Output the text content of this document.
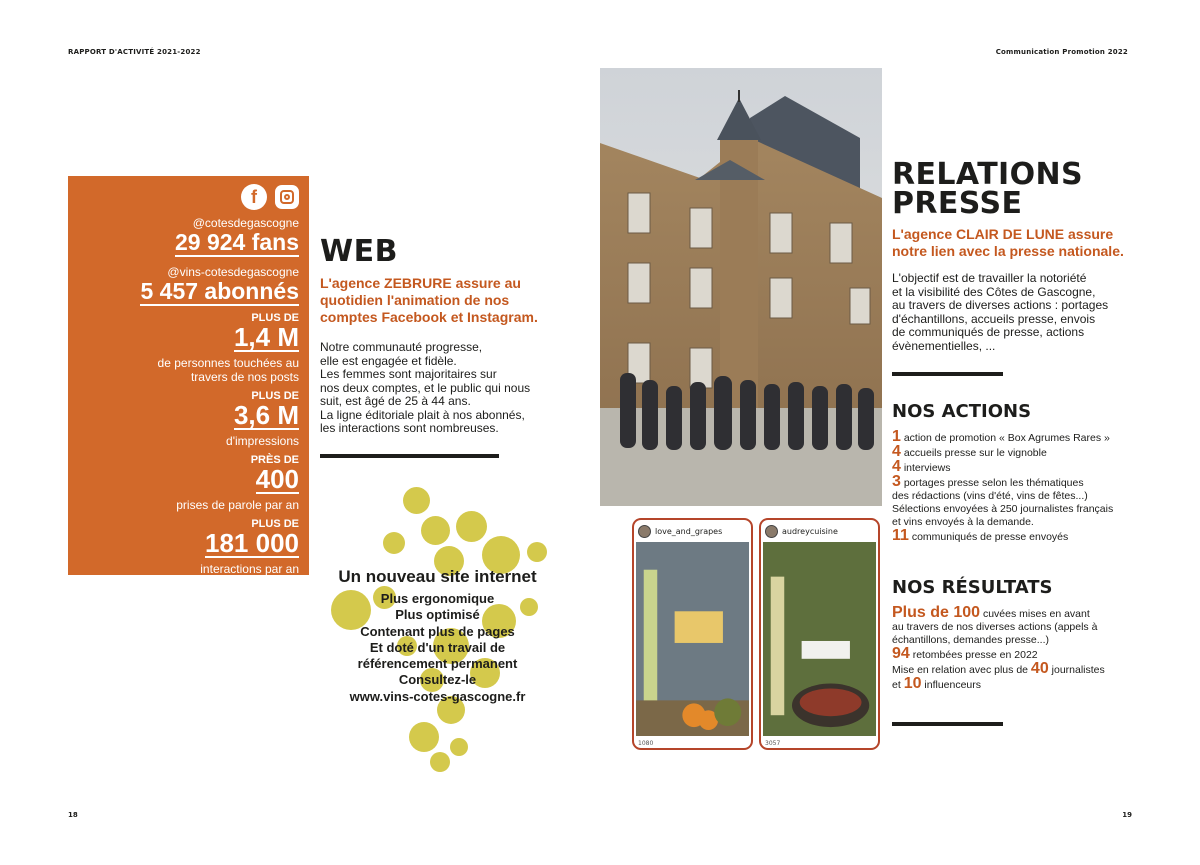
RAPPORT D'ACTIVITÉ 2021-2022	Communication Promotion 2022
f
@cotesdegascogne
29 924 fans
@vins-cotesdegascogne
5 457 abonnés
PLUS DE
1,4 M
de personnes touchées au travers de nos posts
PLUS DE
3,6 M
d'impressions
PRÈS DE
400
prises de parole par an
PLUS DE
181 000
interactions par an
WEB
L'agence ZEBRURE assure au quotidien l'animation de nos comptes Facebook et Instagram.
Notre communauté progresse,
elle est engagée et fidèle.
Les femmes sont majoritaires sur
nos deux comptes, et le public qui nous
suit, est âgé de 25 à 44 ans.
La ligne éditoriale plait à nos abonnés,
les interactions sont nombreuses.
Un nouveau site internet
Plus ergonomique
Plus optimisé
Contenant plus de pages
Et doté d'un travail de
référencement permanent
Consultez-le
www.vins-cotes-gascogne.fr
love_and_grapes
1080
audreycuisine
3057
RELATIONS
PRESSE
L'agence CLAIR DE LUNE assure notre lien avec la presse nationale.
L'objectif est de travailler la notoriété
et la visibilité des Côtes de Gascogne,
au travers de diverses actions : portages
d'échantillons, accueils presse, envois
de communiqués de presse, actions
évènementielles, ...
NOS ACTIONS
1 action de promotion « Box Agrumes Rares »
4 accueils presse sur le vignoble
4 interviews
3 portages presse selon les thématiques
des rédactions (vins d'été, vins de fêtes...)
Sélections envoyées à 250 journalistes français
et vins envoyés à la demande.
11 communiqués de presse envoyés
NOS RÉSULTATS
Plus de 100 cuvées mises en avant
au travers de nos diverses actions (appels à
échantillons, demandes presse...)
94 retombées presse en 2022
Mise en relation avec plus de 40 journalistes
et 10 influenceurs
18	19
